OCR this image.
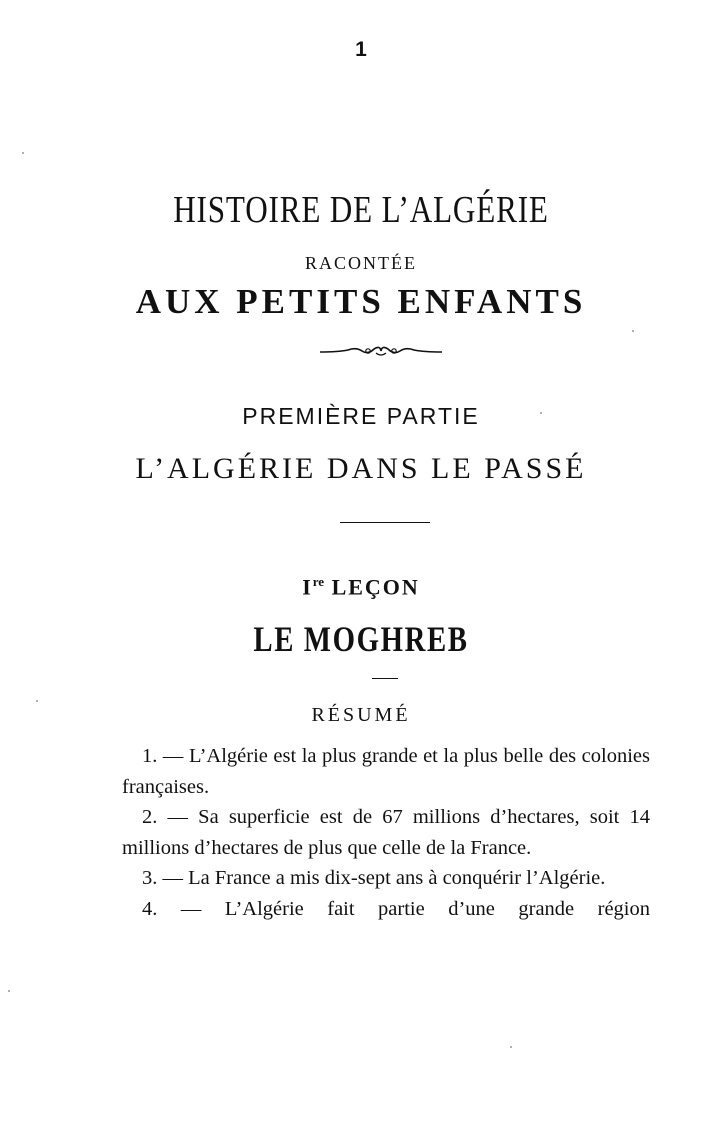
1
HISTOIRE DE L’ALGÉRIE
RACONTÉE
AUX PETITS ENFANTS
PREMIÈRE PARTIE
L’ALGÉRIE DANS LE PASSÉ
Ire LEÇON
LE MOGHREB
RÉSUMÉ

1. — L’Algérie est la plus grande et la plus belle des colonies françaises.

2. — Sa superficie est de 67 millions d’hectares, soit 14 millions d’hectares de plus que celle de la France.

3. — La France a mis dix-sept ans à conquérir l’Algérie.

4. — L’Algérie fait partie d’une grande région
